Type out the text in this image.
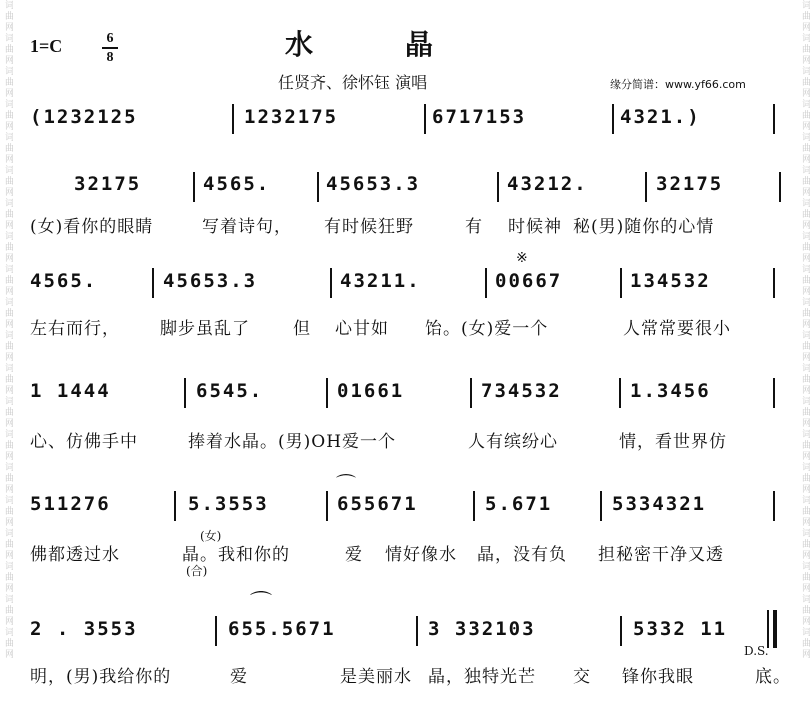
词曲网词曲网词曲网词曲网词曲网词曲网词曲网词曲网词曲网词曲网词曲网词曲网词曲网词曲网词曲网词曲网词曲网词曲网词曲网词曲网	词曲网词曲网词曲网词曲网词曲网词曲网词曲网词曲网词曲网词曲网词曲网词曲网词曲网词曲网词曲网词曲网词曲网词曲网词曲网词曲网
1=C	6
8	水晶
任贤齐、徐怀钰 演唱	缘分简谱：www.yf66.com
(1232125	1232175	6717153	4321.)
32175	4565.	45653.3	43212.	32175
(女)看你的眼睛	写着诗句， 有时候狂野	有 时候神 秘(男)随你的心情
4565.	45653.3	43211.	00667	134532
※
左右而行， 脚步虽乱了	但 心甘如 饴。(女)爱一个	人常常要很小
1 1444	6545.	01661	734532	1.3456
心、仿佛手中	捧着水晶。(男)OH爱一个	人有缤纷心	情，看世界仿
⌒
511276	5.3553	655671	5.671	5334321
(女)
佛都透过水	晶。我和你的	爱 情好像水 晶，没有负 担秘密干净又透
(合)
⌒
2 . 3553	655.5671	3 332103	5332 11
D.S.
明，(男)我给你的	爱	是美丽水 晶，独特光芒 交 锋你我眼	底。
